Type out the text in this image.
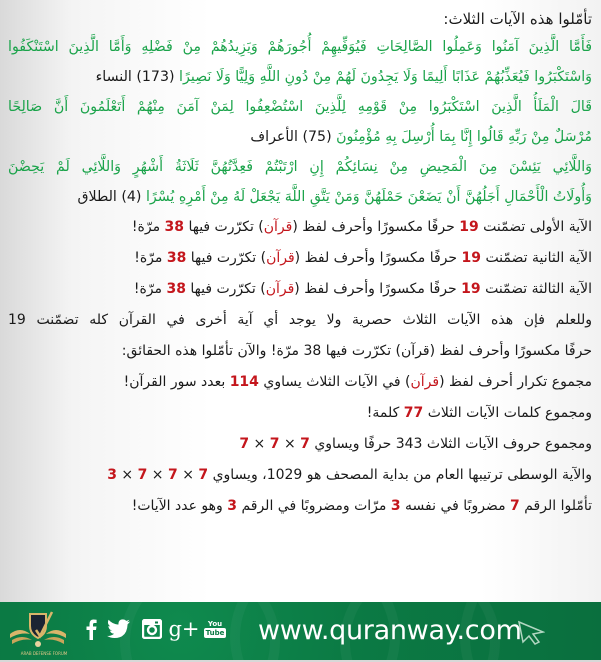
تأمّلوا هذه الآيات الثلاث:
فَأَمَّا الَّذِينَ آمَنُوا وَعَمِلُوا الصَّالِحَاتِ فَيُوَفِّيهِمْ أُجُورَهُمْ وَيَزِيدُهُمْ مِنْ فَضْلِهِ وَأَمَّا الَّذِينَ اسْتَنْكَفُوا
وَاسْتَكْبَرُوا فَيُعَذِّبُهُمْ عَذَابًا أَلِيمًا وَلَا يَجِدُونَ لَهُمْ مِنْ دُونِ اللَّهِ وَلِيًّا وَلَا نَصِيرًا (173) النساء
قَالَ الْمَلَأُ الَّذِينَ اسْتَكْبَرُوا مِنْ قَوْمِهِ لِلَّذِينَ اسْتُضْعِفُوا لِمَنْ آمَنَ مِنْهُمْ أَتَعْلَمُونَ أَنَّ صَالِحًا
مُرْسَلٌ مِنْ رَبِّهِ قَالُوا إِنَّا بِمَا أُرْسِلَ بِهِ مُؤْمِنُونَ (75) الأعراف
وَاللَّائِي يَئِسْنَ مِنَ الْمَحِيضِ مِنْ نِسَائِكُمْ إِنِ ارْتَبْتُمْ فَعِدَّتُهُنَّ ثَلَاثَةُ أَشْهُرٍ وَاللَّائِي لَمْ يَحِضْنَ
وَأُولَاتُ الْأَحْمَالِ أَجَلُهُنَّ أَنْ يَضَعْنَ حَمْلَهُنَّ وَمَنْ يَتَّقِ اللَّهَ يَجْعَلْ لَهُ مِنْ أَمْرِهِ يُسْرًا (4) الطلاق
الآية الأولى تضمّنت 19 حرفًا مكسورًا وأحرف لفظ (قرآن) تكرّرت فيها 38 مرّة!
الآية الثانية تضمّنت 19 حرفًا مكسورًا وأحرف لفظ (قرآن) تكرّرت فيها 38 مرّة!
الآية الثالثة تضمّنت 19 حرفًا مكسورًا وأحرف لفظ (قرآن) تكرّرت فيها 38 مرّة!
وللعلم فإن هذه الآيات الثلاث حصرية ولا يوجد أي آية أخرى في القرآن كله تضمّنت 19
حرفًا مكسورًا وأحرف لفظ (قرآن) تكرّرت فيها 38 مرّة! والآن تأمّلوا هذه الحقائق:
مجموع تكرار أحرف لفظ (قرآن) في الآيات الثلاث يساوي 114 بعدد سور القرآن!
ومجموع كلمات الآيات الثلاث 77 كلمة!
ومجموع حروف الآيات الثلاث 343 حرفًا ويساوي 7 × 7 × 7
والآية الوسطى ترتيبها العام من بداية المصحف هو 1029، ويساوي 7 × 7 × 7 × 3
تأمّلوا الرقم 7 مضروبًا في نفسه 3 مرّات ومضروبًا في الرقم 3 وهو عدد الآيات!
ARAB DEFENSE FORUM
g+ You
Tube www.quranway.com
